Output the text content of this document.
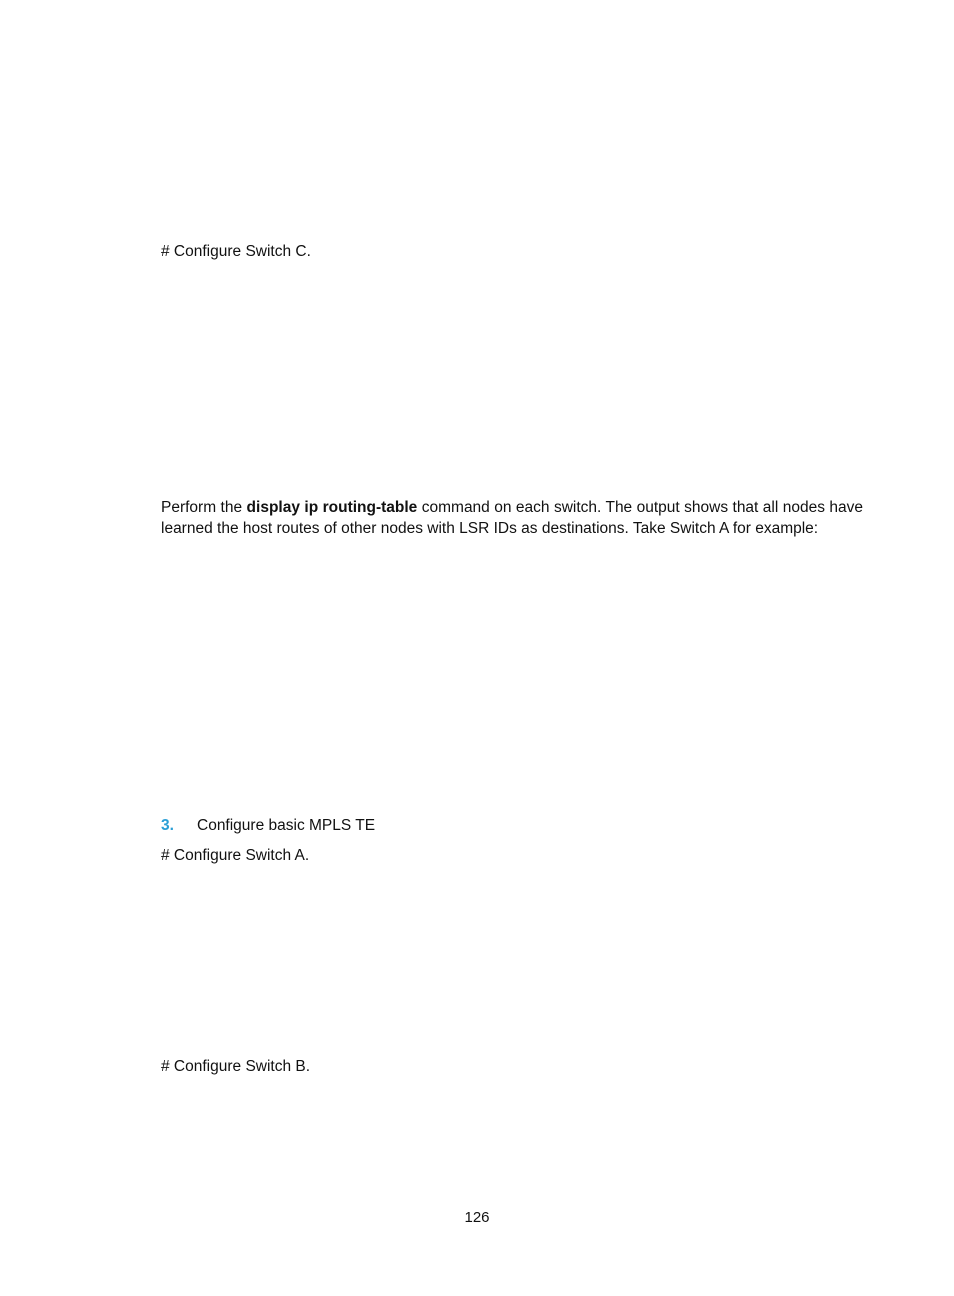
# Configure Switch C.
Perform the display ip routing-table command on each switch. The output shows that all nodes have learned the host routes of other nodes with LSR IDs as destinations. Take Switch A for example:
3. Configure basic MPLS TE
# Configure Switch A.
# Configure Switch B.
126
